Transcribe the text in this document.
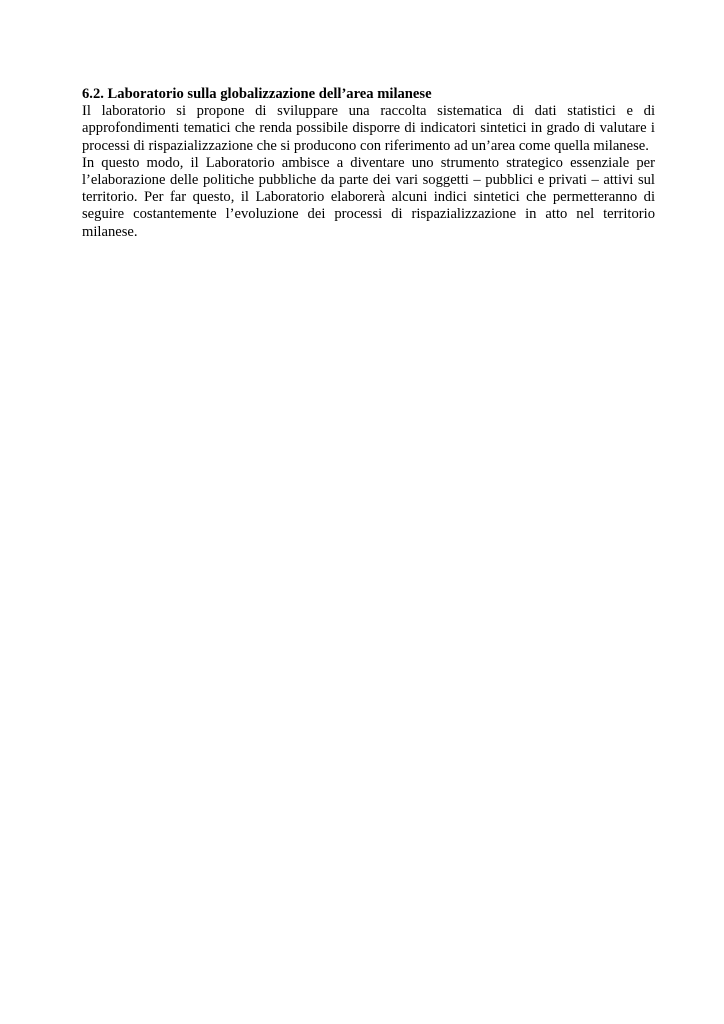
6.2. Laboratorio sulla globalizzazione dell’area milanese

Il laboratorio si propone di sviluppare una raccolta sistematica di dati statistici e di approfondimenti tematici che renda possibile disporre di indicatori sintetici in grado di valutare i processi di rispazializzazione che si producono con riferimento ad un’area come quella milanese.

In questo modo, il Laboratorio ambisce a diventare uno strumento strategico essenziale per l’elaborazione delle politiche pubbliche da parte dei vari soggetti – pubblici e privati – attivi sul territorio. Per far questo, il Laboratorio elaborerà alcuni indici sintetici che permetteranno di seguire costantemente l’evoluzione dei processi di rispazializzazione in atto nel territorio milanese.
